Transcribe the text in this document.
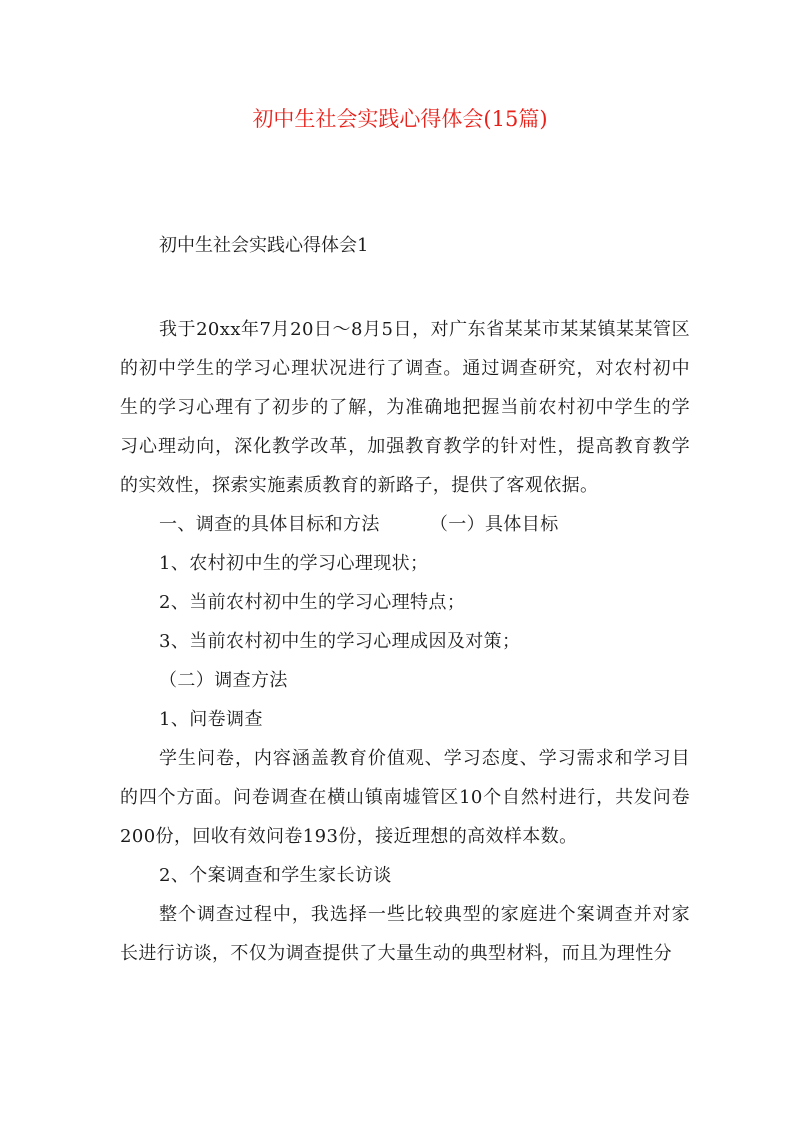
初中生社会实践心得体会(15篇)
初中生社会实践心得体会1

我于20xx年7月20日～8月5日，对广东省某某市某某镇某某管区的初中学生的学习心理状况进行了调查。通过调查研究，对农村初中生的学习心理有了初步的了解，为准确地把握当前农村初中学生的学习心理动向，深化教学改革，加强教育教学的针对性，提高教育教学的实效性，探索实施素质教育的新路子，提供了客观依据。

一、调查的具体目标和方法	（一）具体目标

1、农村初中生的学习心理现状；

2、当前农村初中生的学习心理特点；

3、当前农村初中生的学习心理成因及对策；

（二）调查方法

1、问卷调查

学生问卷，内容涵盖教育价值观、学习态度、学习需求和学习目的四个方面。问卷调查在横山镇南墟管区10个自然村进行，共发问卷200份，回收有效问卷193份，接近理想的高效样本数。

2、个案调查和学生家长访谈

整个调查过程中，我选择一些比较典型的家庭进个案调查并对家长进行访谈，不仅为调查提供了大量生动的典型材料，而且为理性分
